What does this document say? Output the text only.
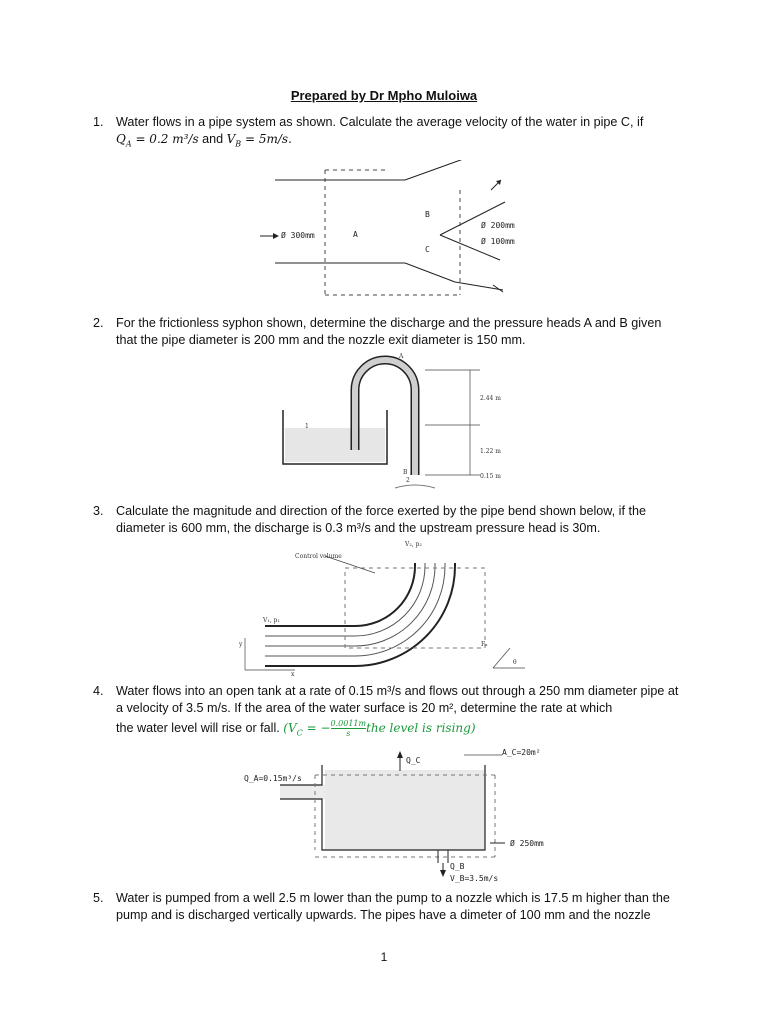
Prepared by Dr Mpho Muloiwa
1. Water flows in a pipe system as shown. Calculate the average velocity of the water in pipe C, if
$Q_A = 0.2$ m³/s and $V_B = 5m/s$.
Ø 300mm	A
B
C
Ø 200mm
Ø 100mm
2. For the frictionless syphon shown, determine the discharge and the pressure heads A and B given that the pipe diameter is 200 mm and the nozzle exit diameter is 150 mm.
A
1
B
2
2.44 m
1.22 m
0.15 m
3. Calculate the magnitude and direction of the force exerted by the pipe bend shown below, if the diameter is 600 mm, the discharge is 0.3 m³/s and the upstream pressure head is 30m.
Control volume
V₂, p₂
V₁, p₁
Fₓ
θ
y
x
4. Water flows into an open tank at a rate of 0.15 m³/s and flows out through a 250 mm diameter pipe at a velocity of 3.5 m/s. If the area of the water surface is 20 m², determine the rate at which
the water level will rise or fall. ($V_C$ = − $\frac{0.0011m}{s}$ the level is rising)
Q_A=0.15m³/s
Q_C
A_C=20m²
Ø 250mm
Q_B
V_B=3.5m/s
5. Water is pumped from a well 2.5 m lower than the pump to a nozzle which is 17.5 m higher than the pump and is discharged vertically upwards. The pipes have a dimeter of 100 mm and the nozzle
1
